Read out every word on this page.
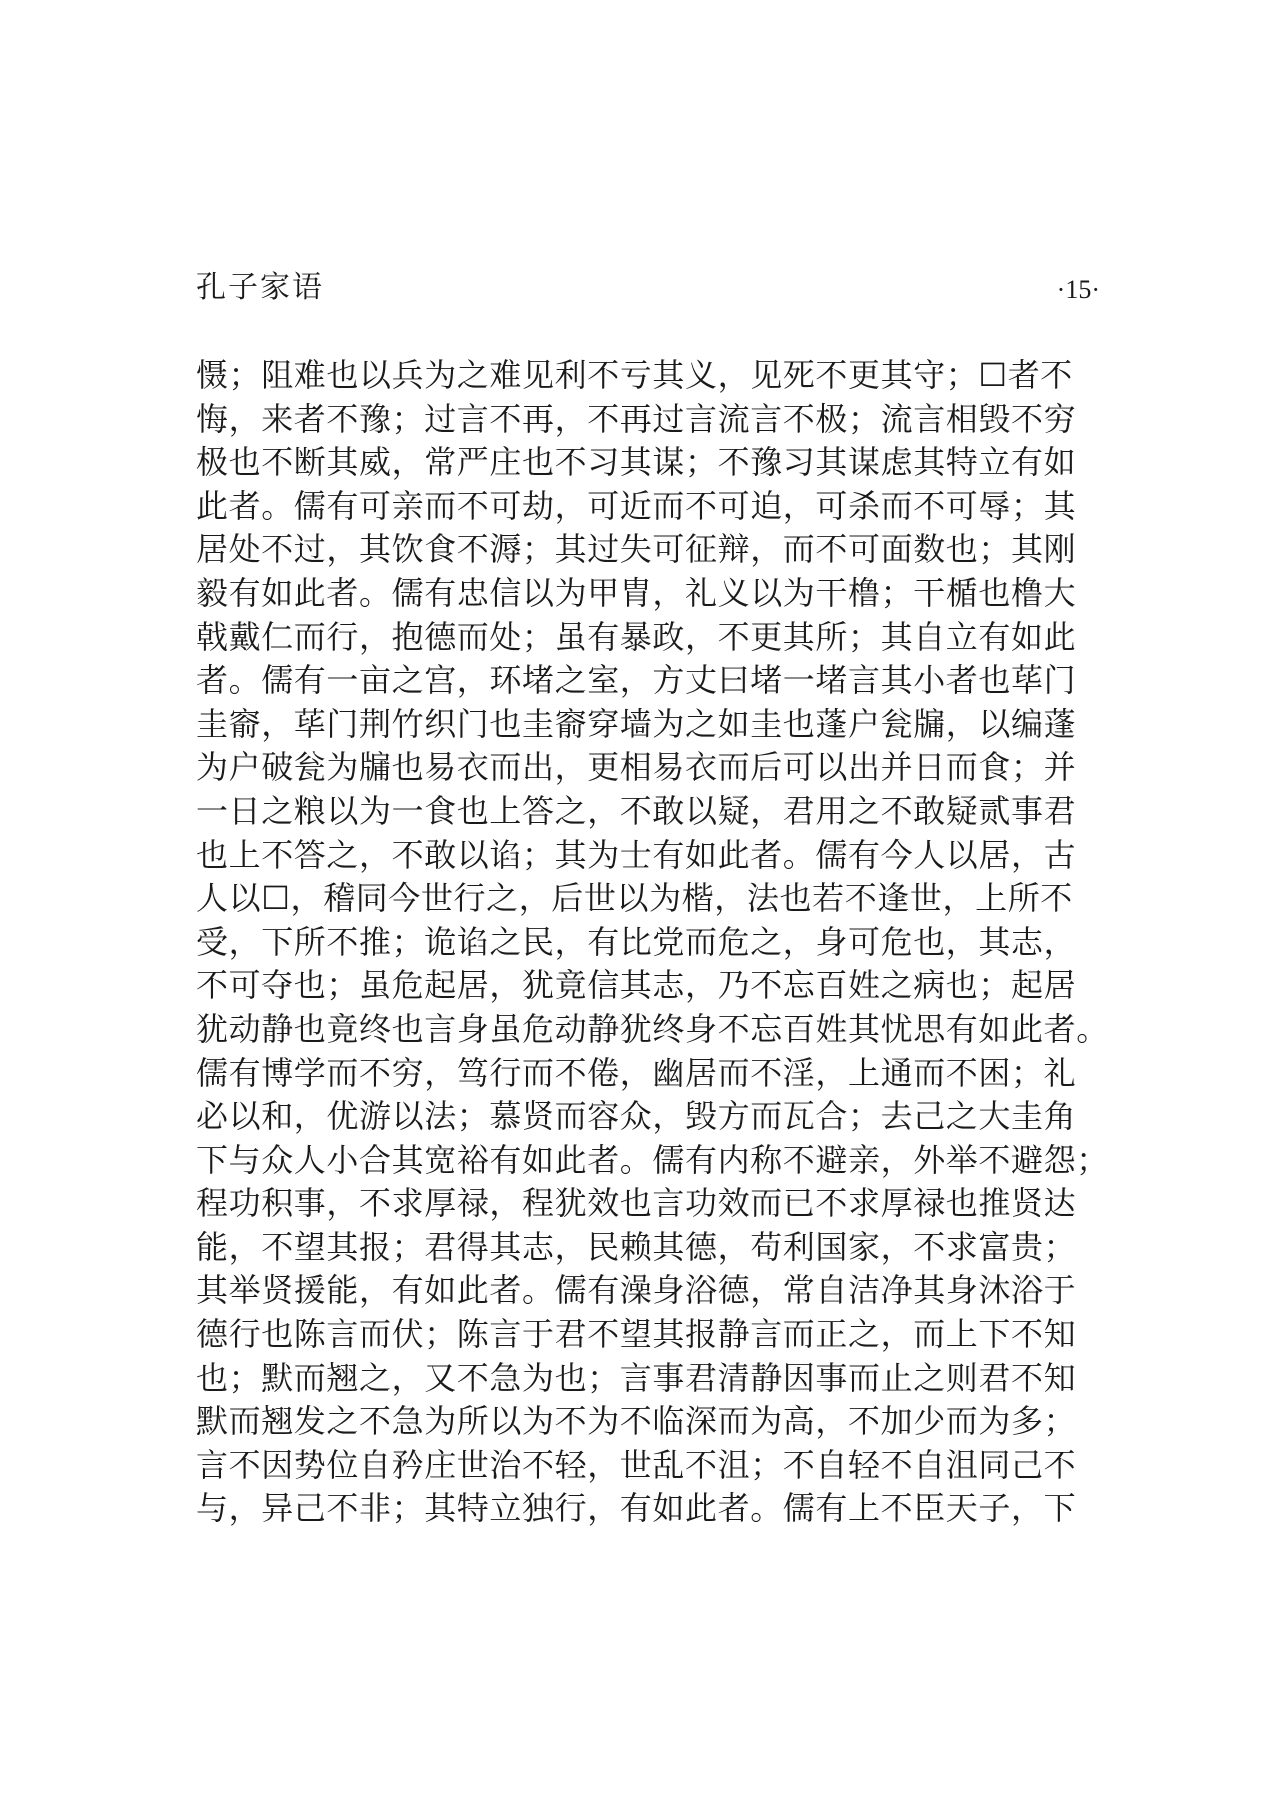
孔子家语	·15·
慑；阻难也以兵为之难见利不亏其义，见死不更其守；☐者不
悔，来者不豫；过言不再，不再过言流言不极；流言相毁不穷
极也不断其威，常严庄也不习其谋；不豫习其谋虑其特立有如
此者。儒有可亲而不可劫，可近而不可迫，可杀而不可辱；其
居处不过，其饮食不溽；其过失可征辩，而不可面数也；其刚
毅有如此者。儒有忠信以为甲胄，礼义以为干橹；干楯也橹大
戟戴仁而行，抱德而处；虽有暴政，不更其所；其自立有如此
者。儒有一亩之宫，环堵之室，方丈曰堵一堵言其小者也荜门
圭窬，荜门荆竹织门也圭窬穿墙为之如圭也蓬户瓮牖，以编蓬
为户破瓮为牖也易衣而出，更相易衣而后可以出并日而食；并
一日之粮以为一食也上答之，不敢以疑，君用之不敢疑贰事君
也上不答之，不敢以谄；其为士有如此者。儒有今人以居，古
人以☐，稽同今世行之，后世以为楷，法也若不逢世，上所不
受，下所不推；诡谄之民，有比党而危之，身可危也，其志，
不可夺也；虽危起居，犹竟信其志，乃不忘百姓之病也；起居
犹动静也竟终也言身虽危动静犹终身不忘百姓其忧思有如此者。
儒有博学而不穷，笃行而不倦，幽居而不淫，上通而不困；礼
必以和，优游以法；慕贤而容众，毁方而瓦合；去己之大圭角
下与众人小合其宽裕有如此者。儒有内称不避亲，外举不避怨；
程功积事，不求厚禄，程犹效也言功效而已不求厚禄也推贤达
能，不望其报；君得其志，民赖其德，苟利国家，不求富贵；
其举贤援能，有如此者。儒有澡身浴德，常自洁净其身沐浴于
德行也陈言而伏；陈言于君不望其报静言而正之，而上下不知
也；默而翘之，又不急为也；言事君清静因事而止之则君不知
默而翘发之不急为所以为不为不临深而为高，不加少而为多；
言不因势位自矜庄世治不轻，世乱不沮；不自轻不自沮同己不
与，异己不非；其特立独行，有如此者。儒有上不臣天子，下
